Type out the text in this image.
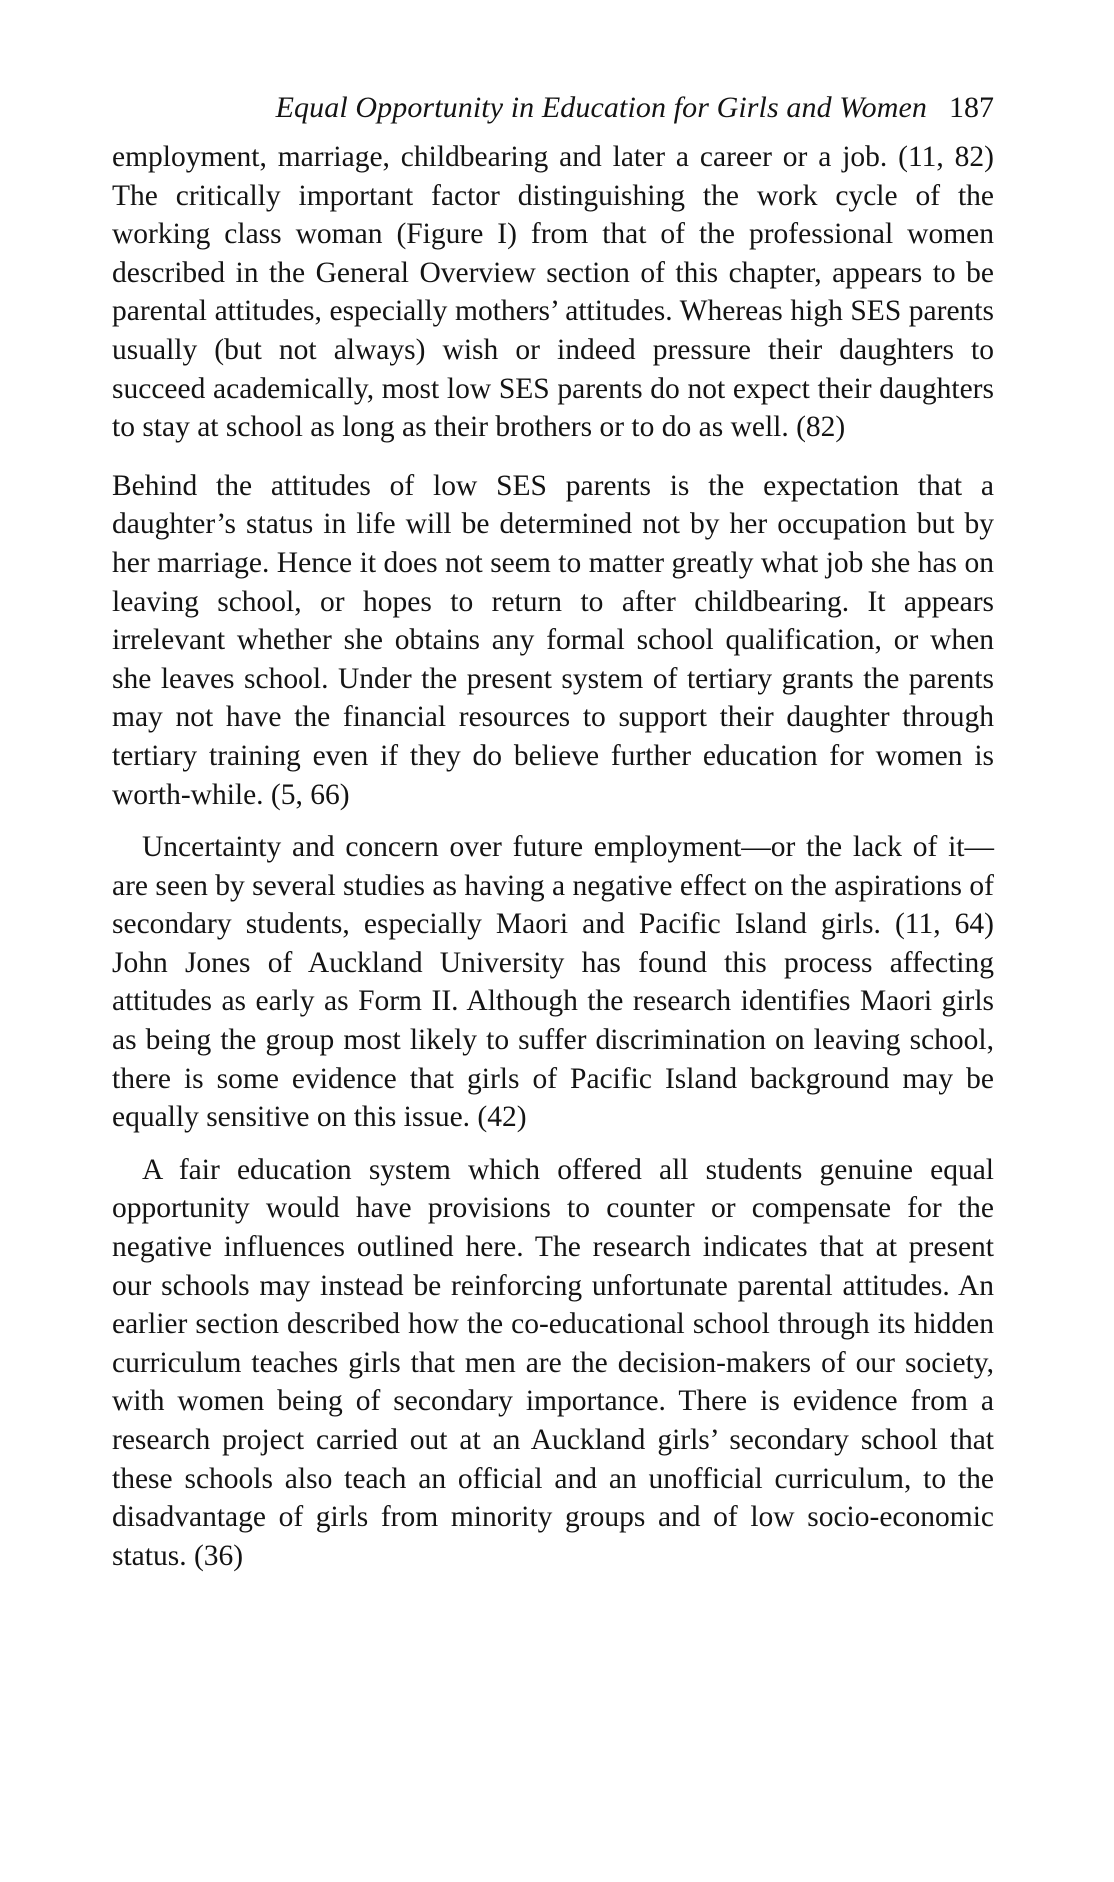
Equal Opportunity in Education for Girls and Women 187

employment, marriage, childbearing and later a career or a job. (11, 82) The critically important factor distinguishing the work cycle of the working class woman (Figure I) from that of the professional women described in the General Overview section of this chapter, appears to be parental attitudes, especially mothers’ attitudes. Whereas high SES parents usually (but not always) wish or indeed pressure their daughters to succeed academically, most low SES parents do not expect their daughters to stay at school as long as their brothers or to do as well. (82)

Behind the attitudes of low SES parents is the expectation that a daughter’s status in life will be determined not by her occupation but by her marriage. Hence it does not seem to matter greatly what job she has on leaving school, or hopes to return to after childbearing. It appears irrelevant whether she obtains any formal school qualification, or when she leaves school. Under the present system of tertiary grants the parents may not have the financial resources to support their daughter through tertiary training even if they do believe further education for women is worth-while. (5, 66)

Uncertainty and concern over future employment—or the lack of it—are seen by several studies as having a negative effect on the aspirations of secondary students, especially Maori and Pacific Island girls. (11, 64) John Jones of Auckland University has found this process affecting attitudes as early as Form II. Although the research identifies Maori girls as being the group most likely to suffer discrimination on leaving school, there is some evidence that girls of Pacific Island background may be equally sensitive on this issue. (42)

A fair education system which offered all students genuine equal opportunity would have provisions to counter or compensate for the negative influences outlined here. The research indicates that at present our schools may instead be reinforcing unfortunate parental attitudes. An earlier section described how the co-educational school through its hidden curriculum teaches girls that men are the decision-makers of our society, with women being of secondary importance. There is evidence from a research project carried out at an Auckland girls’ secondary school that these schools also teach an official and an unofficial curriculum, to the disadvantage of girls from minority groups and of low socio-economic status. (36)
